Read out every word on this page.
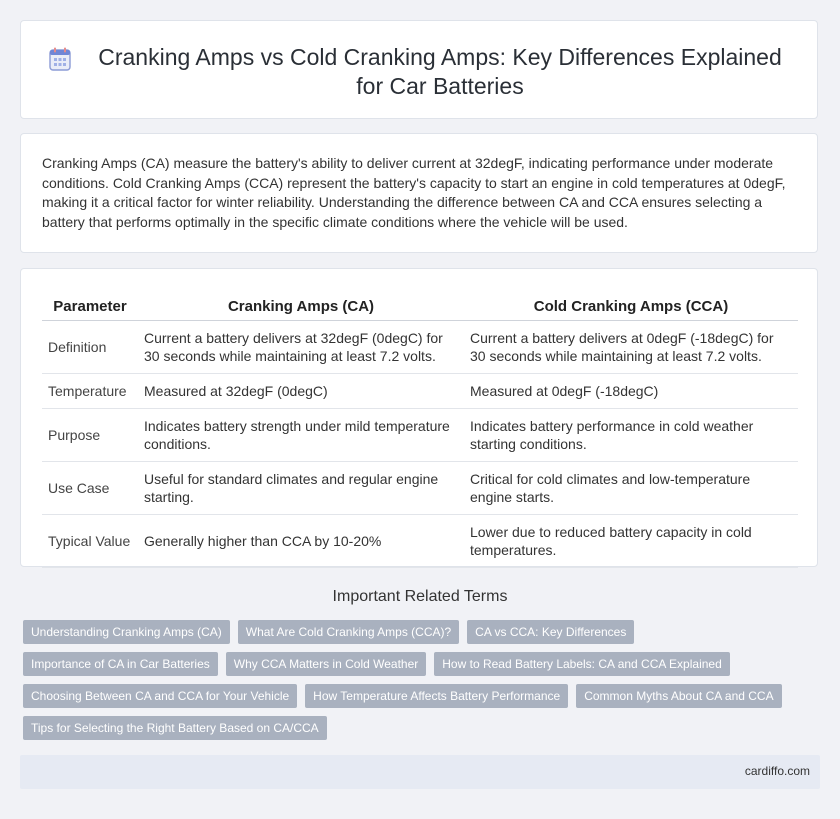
Cranking Amps vs Cold Cranking Amps: Key Differences Explained for Car Batteries

Cranking Amps (CA) measure the battery's ability to deliver current at 32degF, indicating performance under moderate conditions. Cold Cranking Amps (CCA) represent the battery's capacity to start an engine in cold temperatures at 0degF, making it a critical factor for winter reliability. Understanding the difference between CA and CCA ensures selecting a battery that performs optimally in the specific climate conditions where the vehicle will be used.

Parameter	Cranking Amps (CA)	Cold Cranking Amps (CCA)
Definition	Current a battery delivers at 32degF (0degC) for 30 seconds while maintaining at least 7.2 volts.	Current a battery delivers at 0degF (-18degC) for 30 seconds while maintaining at least 7.2 volts.
Temperature	Measured at 32degF (0degC)	Measured at 0degF (-18degC)
Purpose	Indicates battery strength under mild temperature conditions.	Indicates battery performance in cold weather starting conditions.
Use Case	Useful for standard climates and regular engine starting.	Critical for cold climates and low-temperature engine starts.
Typical Value	Generally higher than CCA by 10-20%	Lower due to reduced battery capacity in cold temperatures.
Important Related Terms
Understanding Cranking Amps (CA)	What Are Cold Cranking Amps (CCA)?	CA vs CCA: Key Differences
Importance of CA in Car Batteries	Why CCA Matters in Cold Weather	How to Read Battery Labels: CA and CCA Explained
Choosing Between CA and CCA for Your Vehicle	How Temperature Affects Battery Performance	Common Myths About CA and CCA
Tips for Selecting the Right Battery Based on CA/CCA
cardiffo.com
